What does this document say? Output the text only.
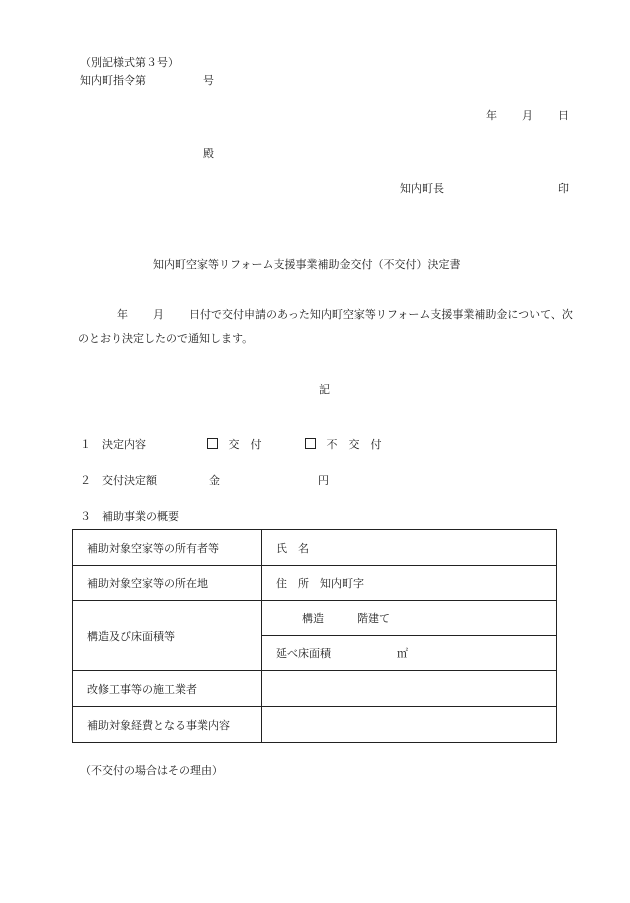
（別記様式第３号）
知内町指令第	号
年 月 日
殿
知内町長	印
知内町空家等リフォーム支援事業補助金交付（不交付）決定書
年 月 日付で交付申請のあった知内町空家等リフォーム支援事業補助金について、次のとおり決定したので通知します。
記
１　決定内容	交　付	不　交　付
２　交付決定額	金	円
３　補助事業の概要
補助対象空家等の所有者等	氏　名
補助対象空家等の所在地	住　所　知内町字
構造及び床面積等	構造　　　階建て
	延べ床面積 ㎡
改修工事等の施工業者	
補助対象経費となる事業内容	
（不交付の場合はその理由）
